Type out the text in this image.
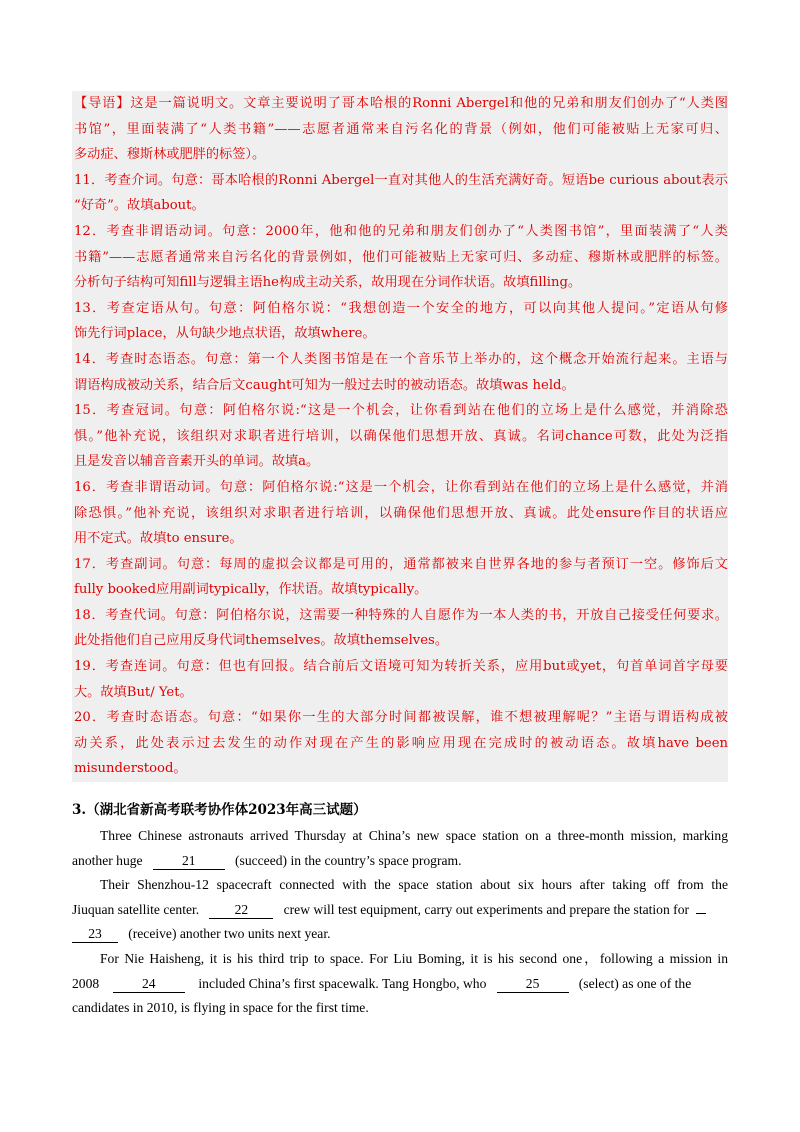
【导语】这是一篇说明文。文章主要说明了哥本哈根的Ronni Abergel和他的兄弟和朋友们创办了“人类图
书馆”，里面装满了“人类书籍”——志愿者通常来自污名化的背景（例如，他们可能被贴上无家可归、
多动症、穆斯林或肥胖的标签）。
11．考查介词。句意：哥本哈根的Ronni Abergel一直对其他人的生活充满好奇。短语be curious about表示
“好奇”。故填about。
12．考查非谓语动词。句意：2000年，他和他的兄弟和朋友们创办了“人类图书馆”，里面装满了“人类
书籍”——志愿者通常来自污名化的背景例如，他们可能被贴上无家可归、多动症、穆斯林或肥胖的标签。
分析句子结构可知fill与逻辑主语he构成主动关系，故用现在分词作状语。故填filling。
13．考查定语从句。句意：阿伯格尔说：“我想创造一个安全的地方，可以向其他人提问。”定语从句修
饰先行词place，从句缺少地点状语，故填where。
14．考查时态语态。句意：第一个人类图书馆是在一个音乐节上举办的，这个概念开始流行起来。主语与
谓语构成被动关系，结合后文caught可知为一般过去时的被动语态。故填was held。
15．考查冠词。句意：阿伯格尔说:“这是一个机会，让你看到站在他们的立场上是什么感觉，并消除恐
惧。”他补充说，该组织对求职者进行培训，以确保他们思想开放、真诚。名词chance可数，此处为泛指
且是发音以辅音音素开头的单词。故填a。
16．考查非谓语动词。句意：阿伯格尔说:“这是一个机会，让你看到站在他们的立场上是什么感觉，并消
除恐惧。”他补充说，该组织对求职者进行培训，以确保他们思想开放、真诚。此处ensure作目的状语应
用不定式。故填to ensure。
17．考查副词。句意：每周的虚拟会议都是可用的，通常都被来自世界各地的参与者预订一空。修饰后文
fully booked应用副词typically，作状语。故填typically。
18．考查代词。句意：阿伯格尔说，这需要一种特殊的人自愿作为一本人类的书，开放自己接受任何要求。
此处指他们自己应用反身代词themselves。故填themselves。
19．考查连词。句意：但也有回报。结合前后文语境可知为转折关系，应用but或yet，句首单词首字母要
大。故填But/ Yet。
20．考查时态语态。句意：“如果你一生的大部分时间都被误解，谁不想被理解呢？”主语与谓语构成被
动关系，此处表示过去发生的动作对现在产生的影响应用现在完成时的被动语态。故填have been
misunderstood。
3.（湖北省新高考联考协作体2023年高三试题）
Three Chinese astronauts arrived Thursday at China’s new space station on a three-month mission, marking
another huge	21	(succeed) in the country’s space program.
Their Shenzhou-12 spacecraft connected with the space station about six hours after taking off from the
Jiuquan satellite center.	22	crew will test equipment, carry out experiments and prepare the station for
23 (receive) another two units next year.
For Nie Haisheng, it is his third trip to space. For Liu Boming, it is his second one，following a mission in
2008	24	included China’s first spacewalk. Tang Hongbo, who	25	(select) as one of the
candidates in 2010, is flying in space for the first time.
